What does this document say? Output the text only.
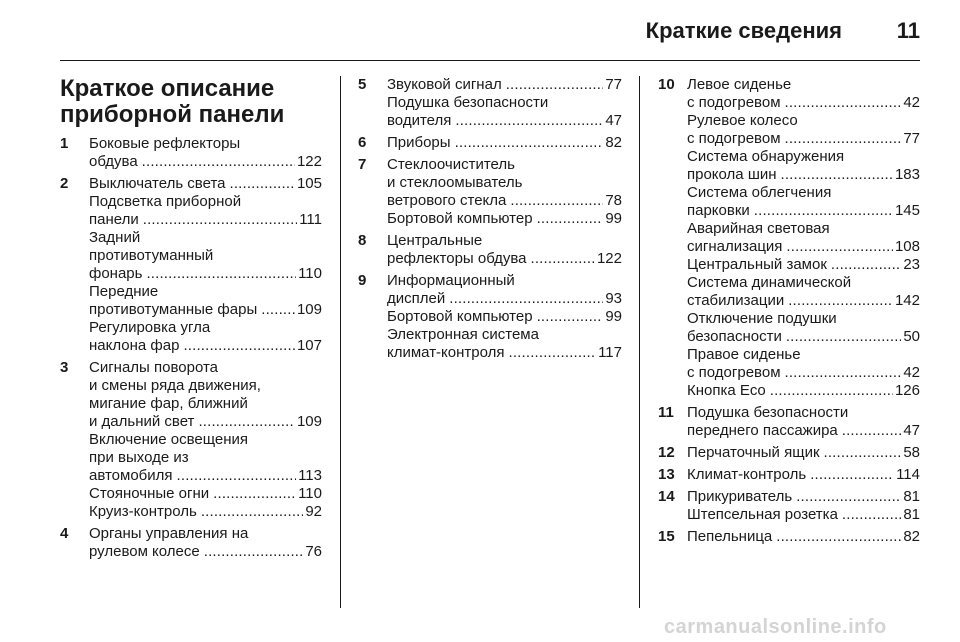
Краткие сведения 11
Краткое описание
приборной панели
1	Боковые рефлекторы
обдува . . .	122
2	Выключатель света . . .	105
Подсветка приборной
панели . . .	111
Задний
противотуманный
фонарь . . .	110
Передние
противотуманные фары . . .	109
Регулировка угла
наклона фар . . .	107
3	Сигналы поворота
и смены ряда движения,
мигание фар, ближний
и дальний свет . . .	109
Включение освещения
при выходе из
автомобиля . . .	113
Стояночные огни . . .	110
Круиз-контроль . . .	92
4	Органы управления на
рулевом колесе . . .	76
5	Звуковой сигнал . . .	77
Подушка безопасности
водителя . . .	47
6	Приборы . . .	82
7	Стеклоочиститель
и стеклоомыватель
ветрового стекла . . .	78
Бортовой компьютер . . .	99
8	Центральные
рефлекторы обдува . . .	122
9	Информационный
дисплей . . .	93
Бортовой компьютер . . .	99
Электронная система
климат-контроля . . .	117
10 Левое сиденье
с подогревом . . .	42
Рулевое колесо
с подогревом . . .	77
Система обнаружения
прокола шин . . .	183
Система облегчения
парковки . . .	145
Аварийная световая
сигнализация . . .	108
Центральный замок . . .	23
Система динамической
стабилизации . . .	142
Отключение подушки
безопасности . . .	50
Правое сиденье
с подогревом . . .	42
Кнопка Eco . . .	126
11 Подушка безопасности
переднего пассажира . . .	47
12 Перчаточный ящик . . .	58
13 Климат-контроль . . .	114
14 Прикуриватель . . .	81
Штепсельная розетка . . .	81
15 Пепельница . . .	82
carmanualsonline.info
